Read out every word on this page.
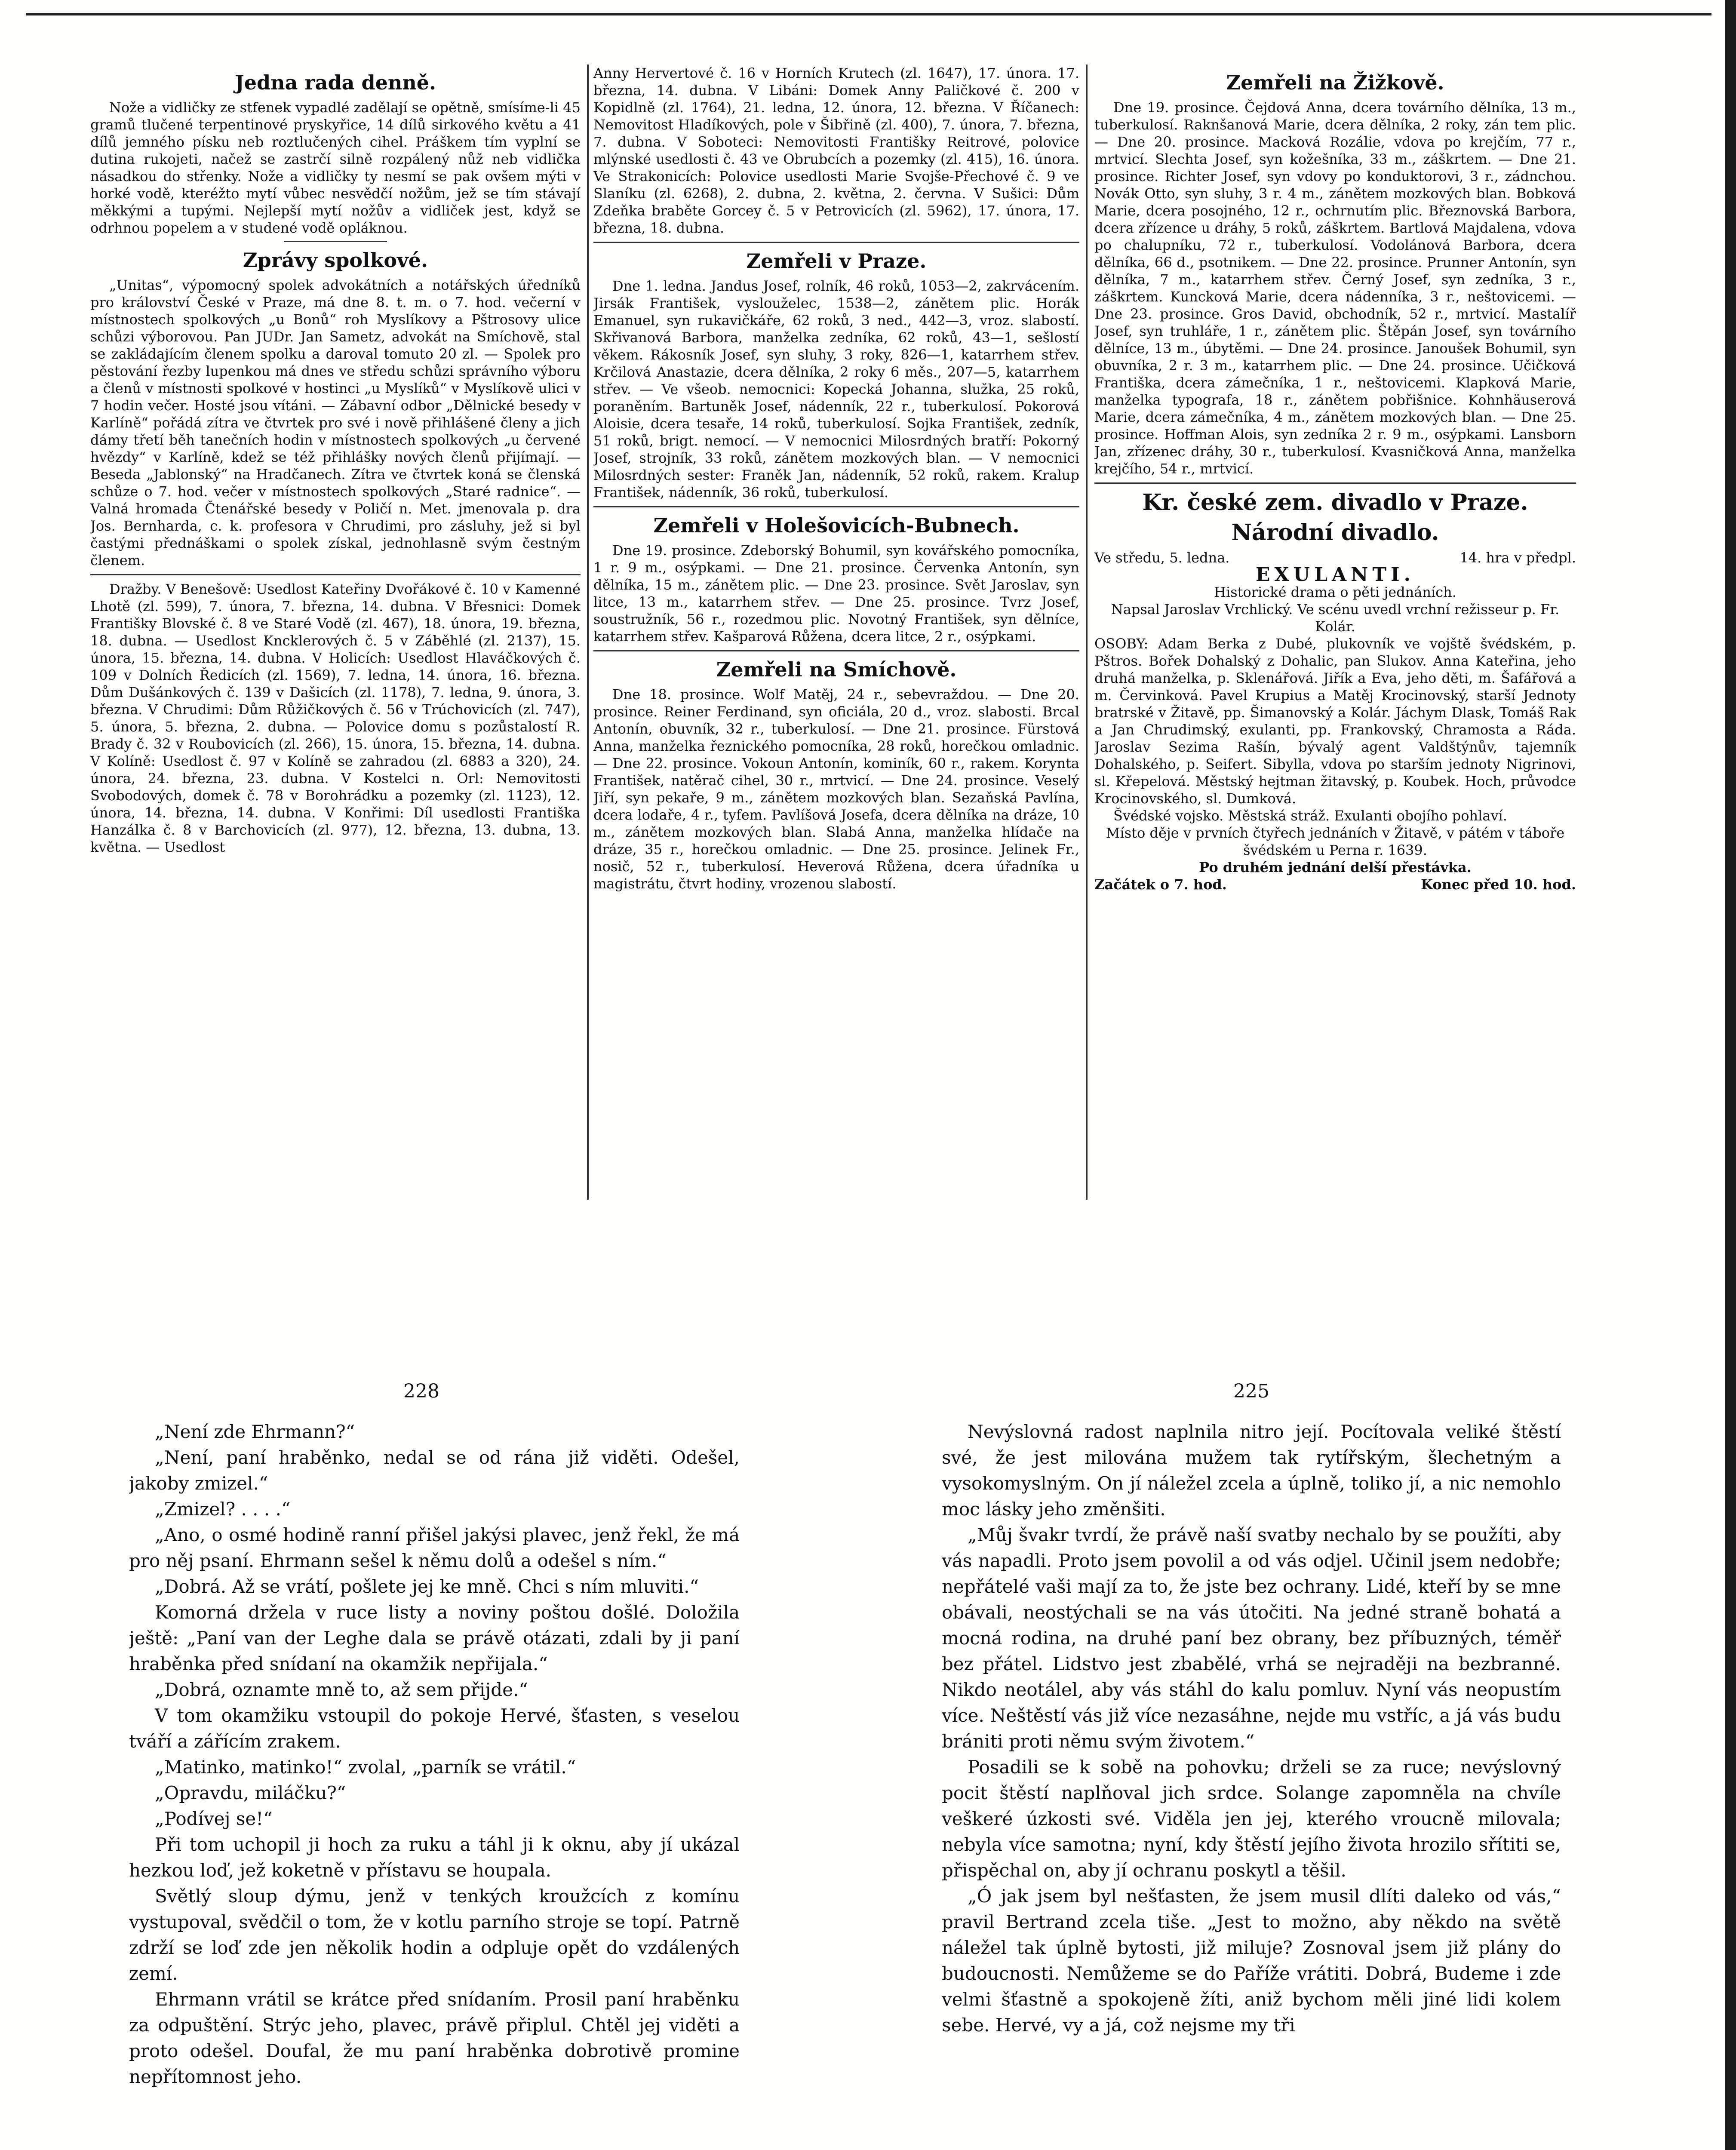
Jedna rada denně.

Nože a vidličky ze stfenek vypadlé zadělají se opětně, smísíme-li 45 gramů tlučené terpentinové pryskyřice, 14 dílů sirkového květu a 41 dílů jemného písku neb roztlučených cihel. Práškem tím vyplní se dutina rukojeti, načež se zastrčí silně rozpálený nůž neb vidlička násadkou do střenky. Nože a vidličky ty nesmí se pak ovšem mýti v horké vodě, kteréžto mytí vůbec nesvědčí nožům, jež se tím stávají měkkými a tupými. Nejlepší mytí nožův a vidliček jest, když se odrhnou popelem a v studené vodě opláknou.

Zprávy spolkové.

„Unitas“, výpomocný spolek advokátních a notářských úředníků pro království České v Praze, má dne 8. t. m. o 7. hod. večerní v místnostech spolkových „u Bonů“ roh Myslíkovy a Pštrosovy ulice schůzi výborovou. Pan JUDr. Jan Sametz, advokát na Smíchově, stal se zakládajícím členem spolku a daroval tomuto 20 zl. — Spolek pro pěstování řezby lupenkou má dnes ve středu schůzi správního výboru a členů v místnosti spolkové v hostinci „u Myslíků“ v Myslíkově ulici v 7 hodin večer. Hosté jsou vítáni. — Zábavní odbor „Dělnické besedy v Karlíně“ pořádá zítra ve čtvrtek pro své i nově přihlášené členy a jich dámy třetí běh tanečních hodin v místnostech spolkových „u červené hvězdy“ v Karlíně, kdež se též přihlášky nových členů přijímají. — Beseda „Jablonský“ na Hradčanech. Zítra ve čtvrtek koná se členská schůze o 7. hod. večer v místnostech spolkových „Staré radnice“. — Valná hromada Čtenářské besedy v Poličí n. Met. jmenovala p. dra Jos. Bernharda, c. k. profesora v Chrudimi, pro zásluhy, jež si byl častými přednáškami o spolek získal, jednohlasně svým čestným členem.

Dražby. V Benešově: Usedlost Kateřiny Dvořákové č. 10 v Kamenné Lhotě (zl. 599), 7. února, 7. března, 14. dubna. V Břesnici: Domek Františky Blovské č. 8 ve Staré Vodě (zl. 467), 18. února, 19. března, 18. dubna. — Usedlost Kncklerových č. 5 v Záběhlé (zl. 2137), 15. února, 15. března, 14. dubna. V Holicích: Usedlost Hlaváčkových č. 109 v Dolních Ředicích (zl. 1569), 7. ledna, 14. února, 16. března. Dům Dušánkových č. 139 v Dašicích (zl. 1178), 7. ledna, 9. února, 3. března. V Chrudimi: Dům Růžičkových č. 56 v Trúchovicích (zl. 747), 5. února, 5. března, 2. dubna. — Polovice domu s pozůstalostí R. Brady č. 32 v Roubovicích (zl. 266), 15. února, 15. března, 14. dubna. V Kolíně: Usedlost č. 97 v Kolíně se zahradou (zl. 6883 a 320), 24. února, 24. března, 23. dubna. V Kostelci n. Orl: Nemovitosti Svobodových, domek č. 78 v Borohrádku a pozemky (zl. 1123), 12. února, 14. března, 14. dubna. V Konřimi: Díl usedlosti Františka Hanzálka č. 8 v Barchovicích (zl. 977), 12. března, 13. dubna, 13. května. — Usedlost

Anny Hervertové č. 16 v Horních Krutech (zl. 1647), 17. února. 17. března, 14. dubna. V Libáni: Domek Anny Paličkové č. 200 v Kopidlně (zl. 1764), 21. ledna, 12. února, 12. března. V Říčanech: Nemovitost Hladíkových, pole v Šibřině (zl. 400), 7. února, 7. března, 7. dubna. V Soboteci: Nemovitosti Františky Reitrové, polovice mlýnské usedlosti č. 43 ve Obrubcích a pozemky (zl. 415), 16. února. Ve Strakonicích: Polovice usedlosti Marie Svojše-Přechové č. 9 ve Slaníku (zl. 6268), 2. dubna, 2. května, 2. června. V Sušici: Dům Zdeňka braběte Gorcey č. 5 v Petrovicích (zl. 5962), 17. února, 17. března, 18. dubna.

Zemřeli v Praze.

Dne 1. ledna. Jandus Josef, rolník, 46 roků, 1053—2, zakrvácením. Jirsák František, vyslouželec, 1538—2, zánětem plic. Horák Emanuel, syn rukavičkáře, 62 roků, 3 ned., 442—3, vroz. slabostí. Skřivanová Barbora, manželka zedníka, 62 roků, 43—1, sešlostí věkem. Rákosník Josef, syn sluhy, 3 roky, 826—1, katarrhem střev. Krčilová Anastazie, dcera dělníka, 2 roky 6 měs., 207—5, katarrhem střev. — Ve všeob. nemocnici: Kopecká Johanna, služka, 25 roků, poraněním. Bartuněk Josef, nádenník, 22 r., tuberkulosí. Pokorová Aloisie, dcera tesaře, 14 roků, tuberkulosí. Sojka František, zedník, 51 roků, brigt. nemocí. — V nemocnici Milosrdných bratří: Pokorný Josef, strojník, 33 roků, zánětem mozkových blan. — V nemocnici Milosrdných sester: Franěk Jan, nádenník, 52 roků, rakem. Kralup František, nádenník, 36 roků, tuberkulosí.

Zemřeli v Holešovicích-Bubnech.

Dne 19. prosince. Zdeborský Bohumil, syn kovářského pomocníka, 1 r. 9 m., osýpkami. — Dne 21. prosince. Červenka Antonín, syn dělníka, 15 m., zánětem plic. — Dne 23. prosince. Svět Jaroslav, syn litce, 13 m., katarrhem střev. — Dne 25. prosince. Tvrz Josef, soustružník, 56 r., rozedmou plic. Novotný František, syn dělníce, katarrhem střev. Kašparová Růžena, dcera litce, 2 r., osýpkami.

Zemřeli na Smíchově.

Dne 18. prosince. Wolf Matěj, 24 r., sebevraždou. — Dne 20. prosince. Reiner Ferdinand, syn oficiála, 20 d., vroz. slabosti. Brcal Antonín, obuvník, 32 r., tuberkulosí. — Dne 21. prosince. Fürstová Anna, manželka řeznického pomocníka, 28 roků, horečkou omladnic. — Dne 22. prosince. Vokoun Antonín, kominík, 60 r., rakem. Korynta František, natěrač cihel, 30 r., mrtvicí. — Dne 24. prosince. Veselý Jiří, syn pekaře, 9 m., zánětem mozkových blan. Sezaňská Pavlína, dcera lodaře, 4 r., tyfem. Pavlíšová Josefa, dcera dělníka na dráze, 10 m., zánětem mozkových blan. Slabá Anna, manželka hlídače na dráze, 35 r., horečkou omladnic. — Dne 25. prosince. Jelinek Fr., nosič, 52 r., tuberkulosí. Heverová Růžena, dcera úřadníka u magistrátu, čtvrt hodiny, vrozenou slabostí.

Zemřeli na Žižkově.

Dne 19. prosince. Čejdová Anna, dcera továrního dělníka, 13 m., tuberkulosí. Raknšanová Marie, dcera dělníka, 2 roky, zán tem plic. — Dne 20. prosince. Macková Rozálie, vdova po krejčím, 77 r., mrtvicí. Slechta Josef, syn kožešníka, 33 m., záškrtem. — Dne 21. prosince. Richter Josef, syn vdovy po konduktorovi, 3 r., zádnchou. Novák Otto, syn sluhy, 3 r. 4 m., zánětem mozkových blan. Bobková Marie, dcera posojného, 12 r., ochrnutím plic. Březnovská Barbora, dcera zřízence u dráhy, 5 roků, záškrtem. Bartlová Majdalena, vdova po chalupníku, 72 r., tuberkulosí. Vodolánová Barbora, dcera dělníka, 66 d., psotnikem. — Dne 22. prosince. Prunner Antonín, syn dělníka, 7 m., katarrhem střev. Černý Josef, syn zedníka, 3 r., záškrtem. Kuncková Marie, dcera nádenníka, 3 r., neštovicemi. — Dne 23. prosince. Gros David, obchodník, 52 r., mrtvicí. Mastalíř Josef, syn truhláře, 1 r., zánětem plic. Štěpán Josef, syn továrního dělníce, 13 m., úbytěmi. — Dne 24. prosince. Janoušek Bohumil, syn obuvníka, 2 r. 3 m., katarrhem plic. — Dne 24. prosince. Učičková Františka, dcera zámečníka, 1 r., neštovicemi. Klapková Marie, manželka typografa, 18 r., zánětem pobřišnice. Kohnhäuserová Marie, dcera zámečníka, 4 m., zánětem mozkových blan. — Dne 25. prosince. Hoffman Alois, syn zedníka 2 r. 9 m., osýpkami. Lansborn Jan, zřízenec dráhy, 30 r., tuberkulosí. Kvasničková Anna, manželka krejčího, 54 r., mrtvicí.

Kr. české zem. divadlo v Praze.
Národní divadlo.
Ve středu, 5. ledna.	14. hra v předpl.

EXULANTI.

Historické drama o pěti jednáních.

Napsal Jaroslav Vrchlický. Ve scénu uvedl vrchní režisseur p. Fr. Kolár.

OSOBY: Adam Berka z Dubé, plukovník ve vojště švédském, p. Pštros. Bořek Dohalský z Dohalic, pan Slukov. Anna Kateřina, jeho druhá manželka, p. Sklenářová. Jiřík a Eva, jeho děti, m. Šafářová a m. Červinková. Pavel Krupius a Matěj Krocinovský, starší Jednoty bratrské v Žitavě, pp. Šimanovský a Kolár. Jáchym Dlask, Tomáš Rak a Jan Chrudimský, exulanti, pp. Frankovský, Chramosta a Ráda. Jaroslav Sezima Rašín, bývalý agent Valdštýnův, tajemník Dohalského, p. Seifert. Sibylla, vdova po starším jednoty Nigrinovi, sl. Křepelová. Městský hejtman žitavský, p. Koubek. Hoch, průvodce Krocinovského, sl. Dumková.

Švédské vojsko. Městská stráž. Exulanti obojího pohlaví.

Místo děje v prvních čtyřech jednáních v Žitavě, v pátém v táboře švédském u Perna r. 1639.

Po druhém jednání delší přestávka.

Začátek o 7. hod.	Konec před 10. hod.
228

„Není zde Ehrmann?“

„Není, paní hraběnko, nedal se od rána již viděti. Odešel, jakoby zmizel.“

„Zmizel? . . . .“

„Ano, o osmé hodině ranní přišel jakýsi plavec, jenž řekl, že má pro něj psaní. Ehrmann sešel k němu dolů a odešel s ním.“

„Dobrá. Až se vrátí, pošlete jej ke mně. Chci s ním mluviti.“

Komorná držela v ruce listy a noviny poštou došlé. Doložila ještě: „Paní van der Leghe dala se právě otázati, zdali by ji paní hraběnka před snídaní na okamžik nepřijala.“

„Dobrá, oznamte mně to, až sem přijde.“

V tom okamžiku vstoupil do pokoje Hervé, šťasten, s veselou tváří a zářícím zrakem.

„Matinko, matinko!“ zvolal, „parník se vrátil.“

„Opravdu, miláčku?“

„Podívej se!“

Při tom uchopil ji hoch za ruku a táhl ji k oknu, aby jí ukázal hezkou loď, jež koketně v přístavu se houpala.

Světlý sloup dýmu, jenž v tenkých kroužcích z komínu vystupoval, svědčil o tom, že v kotlu parního stroje se topí. Patrně zdrží se loď zde jen několik hodin a odpluje opět do vzdálených zemí.

Ehrmann vrátil se krátce před snídaním. Prosil paní hraběnku za odpuštění. Strýc jeho, plavec, právě připlul. Chtěl jej viděti a proto odešel. Doufal, že mu paní hraběnka dobrotivě promine nepřítomnost jeho.

225

Nevýslovná radost naplnila nitro její. Pocítovala veliké štěstí své, že jest milována mužem tak rytířským, šlechetným a vysokomyslným. On jí náležel zcela a úplně, toliko jí, a nic nemohlo moc lásky jeho změnšiti.

„Můj švakr tvrdí, že právě naší svatby nechalo by se použíti, aby vás napadli. Proto jsem povolil a od vás odjel. Učinil jsem nedobře; nepřátelé vaši mají za to, že jste bez ochrany. Lidé, kteří by se mne obávali, neostýchali se na vás útočiti. Na jedné straně bohatá a mocná rodina, na druhé paní bez obrany, bez příbuzných, téměř bez přátel. Lidstvo jest zbabělé, vrhá se nejraději na bezbranné. Nikdo neotálel, aby vás stáhl do kalu pomluv. Nyní vás neopustím více. Neštěstí vás již více nezasáhne, nejde mu vstříc, a já vás budu brániti proti němu svým životem.“

Posadili se k sobě na pohovku; drželi se za ruce; nevýslovný pocit štěstí naplňoval jich srdce. Solange zapomněla na chvíle veškeré úzkosti své. Viděla jen jej, kterého vroucně milovala; nebyla více samotna; nyní, kdy štěstí jejího života hrozilo sřítiti se, přispěchal on, aby jí ochranu poskytl a těšil.

„Ó jak jsem byl nešťasten, že jsem musil dlíti daleko od vás,“ pravil Bertrand zcela tiše. „Jest to možno, aby někdo na světě náležel tak úplně bytosti, již miluje? Zosnoval jsem již plány do budoucnosti. Nemůžeme se do Paříže vrátiti. Dobrá, Budeme i zde velmi šťastně a spokojeně žíti, aniž bychom měli jiné lidi kolem sebe. Hervé, vy a já, což nejsme my tři
